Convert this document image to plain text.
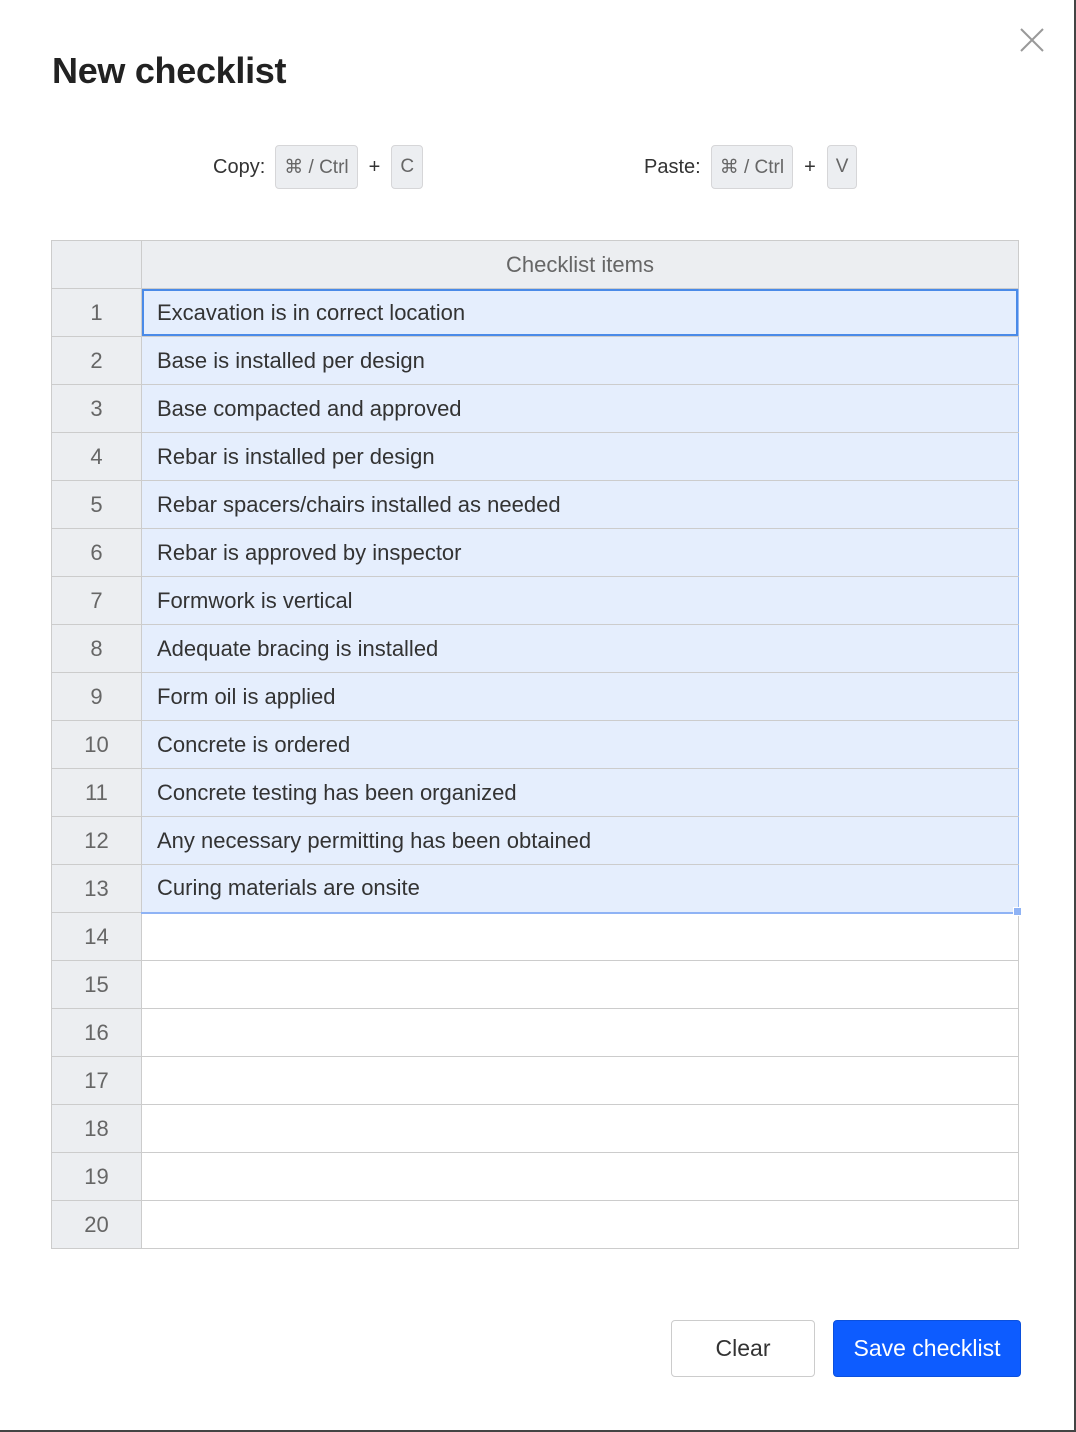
New checklist
Copy:	⌘ / Ctrl	+	C	Paste:	⌘ / Ctrl	+	V
	Checklist items
1	Excavation is in correct location
2	Base is installed per design
3	Base compacted and approved
4	Rebar is installed per design
5	Rebar spacers/chairs installed as needed
6	Rebar is approved by inspector
7	Formwork is vertical
8	Adequate bracing is installed
9	Form oil is applied
10	Concrete is ordered
11	Concrete testing has been organized
12	Any necessary permitting has been obtained
13	Curing materials are onsite
14	
15	
16	
17	
18	
19	
20	
Clear	Save checklist
